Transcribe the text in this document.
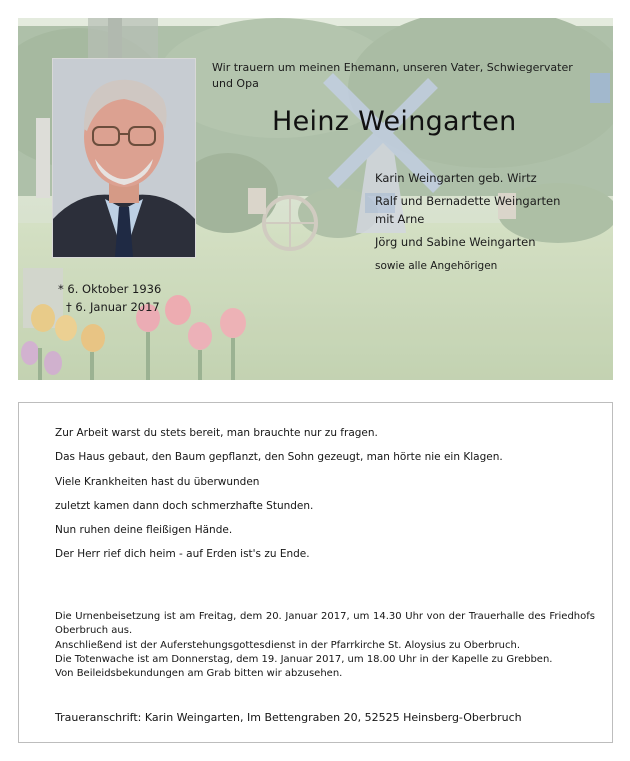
Wir trauern um meinen Ehemann, unseren Vater, Schwiegervater
und Opa
Heinz Weingarten
Karin Weingarten geb. Wirtz
Ralf und Bernadette Weingarten
mit Arne
Jörg und Sabine Weingarten
sowie alle Angehörigen
* 6. Oktober 1936
† 6. Januar 2017
Zur Arbeit warst du stets bereit, man brauchte nur zu fragen.
Das Haus gebaut, den Baum gepflanzt, den Sohn gezeugt, man hörte nie ein Klagen.
Viele Krankheiten hast du überwunden
zuletzt kamen dann doch schmerzhafte Stunden.
Nun ruhen deine fleißigen Hände.
Der Herr rief dich heim - auf Erden ist's zu Ende.
Die Urnenbeisetzung ist am Freitag, dem 20. Januar 2017, um 14.30 Uhr von der Trauerhalle des Friedhofs Oberbruch aus.
Anschließend ist der Auferstehungsgottesdienst in der Pfarrkirche St. Aloysius zu Oberbruch.
Die Totenwache ist am Donnerstag, dem 19. Januar 2017, um 18.00 Uhr in der Kapelle zu Grebben.
Von Beileidsbekundungen am Grab bitten wir abzusehen.
Traueranschrift: Karin Weingarten, Im Bettengraben 20, 52525 Heinsberg-Oberbruch
